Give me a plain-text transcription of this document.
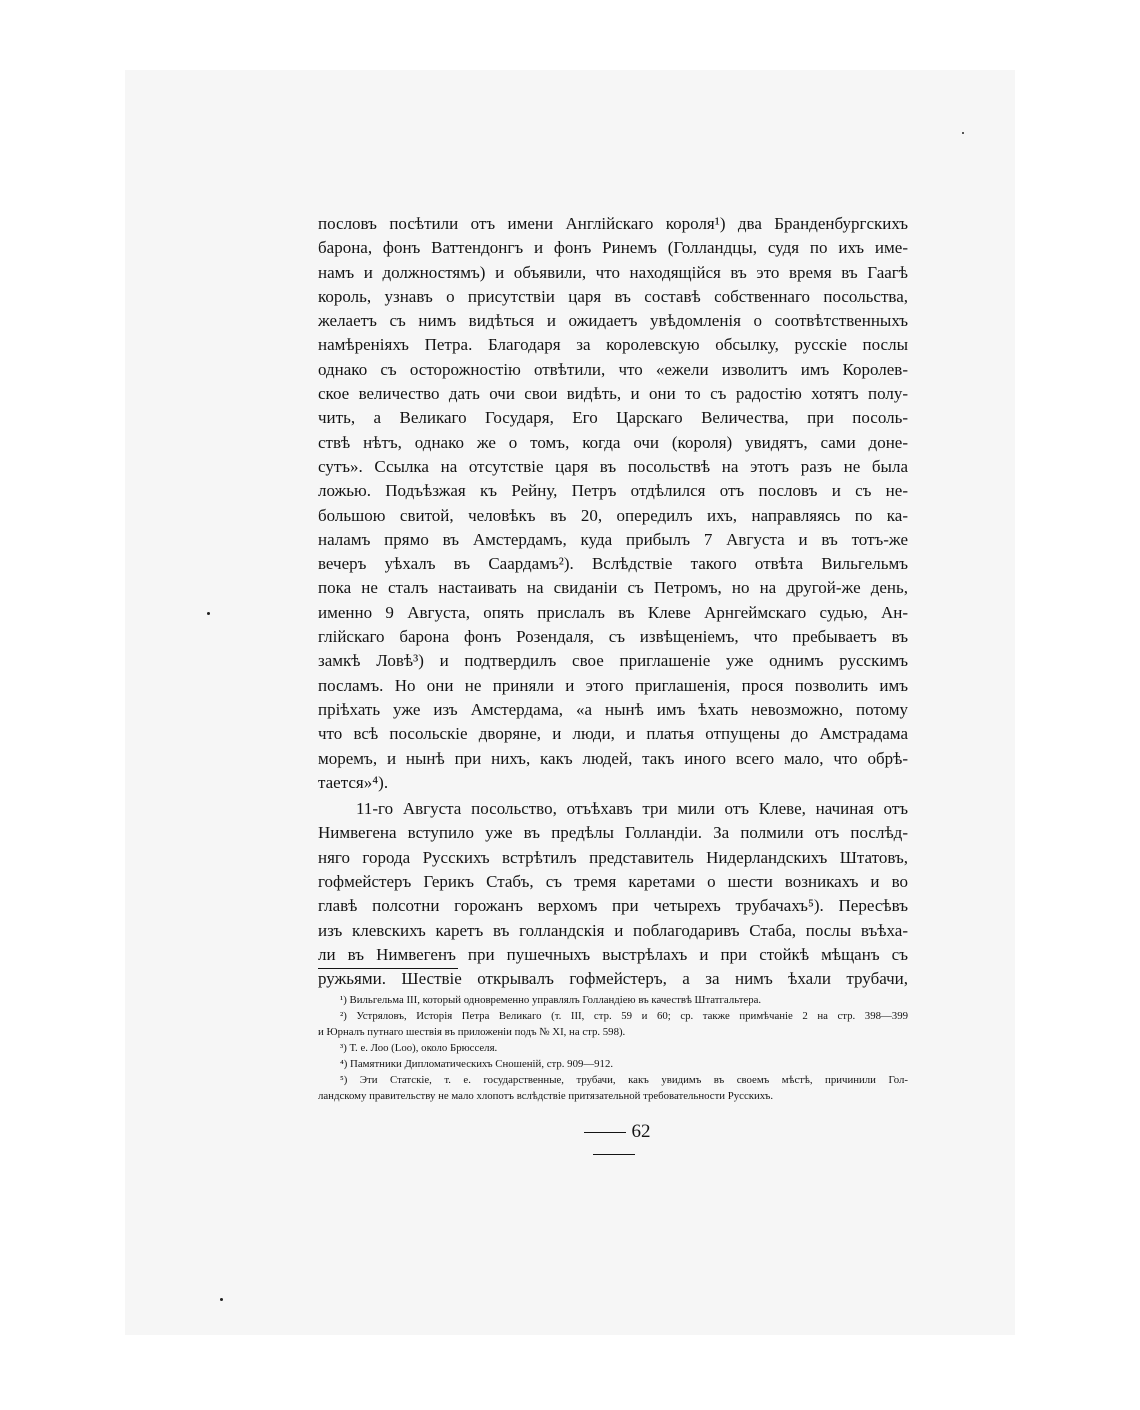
пословъ посѣтили отъ имени Англійскаго короля¹) два Бранденбургскихъ
барона, фонъ Ваттендонгъ и фонъ Ринемъ (Голландцы, судя по ихъ име-
намъ и должностямъ) и объявили, что находящійся въ это время въ Гаагѣ
король, узнавъ о присутствіи царя въ составѣ собственнаго посольства,
желаетъ съ нимъ видѣться и ожидаетъ увѣдомленія о соотвѣтственныхъ
намѣреніяхъ Петра. Благодаря за королевскую обсылку, русскіе послы
однако съ осторожностію отвѣтили, что «ежели изволитъ имъ Королев-
ское величество дать очи свои видѣть, и они то съ радостію хотятъ полу-
чить, а Великаго Государя, Его Царскаго Величества, при посоль-
ствѣ нѣтъ, однако же о томъ, когда очи (короля) увидятъ, сами доне-
сутъ». Ссылка на отсутствіе царя въ посольствѣ на этотъ разъ не была
ложью. Подъѣзжая къ Рейну, Петръ отдѣлился отъ пословъ и съ не-
большою свитой, человѣкъ въ 20, опередилъ ихъ, направляясь по ка-
наламъ прямо въ Амстердамъ, куда прибылъ 7 Августа и въ тотъ-же
вечеръ уѣхалъ въ Саардамъ²). Вслѣдствіе такого отвѣта Вильгельмъ
пока не сталъ настаивать на свиданіи съ Петромъ, но на другой-же день,
именно 9 Августа, опять прислалъ въ Клеве Арнгеймскаго судью, Ан-
глійскаго барона фонъ Розендаля, съ извѣщеніемъ, что пребываетъ въ
замкѣ Ловѣ³) и подтвердилъ свое приглашеніе уже однимъ русскимъ
посламъ. Но они не приняли и этого приглашенія, прося позволить имъ
пріѣхать уже изъ Амстердама, «а нынѣ имъ ѣхать невозможно, потому
что всѣ посольскіе дворяне, и люди, и платья отпущены до Амстрадама
моремъ, и нынѣ при нихъ, какъ людей, такъ иного всего мало, что обрѣ-
тается»⁴).

11-го Августа посольство, отъѣхавъ три мили отъ Клеве, начиная отъ
Нимвегена вступило уже въ предѣлы Голландіи. За полмили отъ послѣд-
няго города Русскихъ встрѣтилъ представитель Нидерландскихъ Штатовъ,
гофмейстеръ Герикъ Стабъ, съ тремя каретами о шести возникахъ и во
главѣ полсотни горожанъ верхомъ при четырехъ трубачахъ⁵). Пересѣвъ
изъ клевскихъ каретъ въ голландскія и поблагодаривъ Стаба, послы въѣха-
ли въ Нимвегенъ при пушечныхъ выстрѣлахъ и при стойкѣ мѣщанъ съ
ружьями. Шествіе открывалъ гофмейстеръ, а за нимъ ѣхали трубачи,

¹) Вильгельма III, который одновременно управлялъ Голландіею въ качествѣ Штатгальтера.
²) Устряловъ, Исторія Петра Великаго (т. III, стр. 59 и 60; ср. также примѣчаніе 2 на стр. 398—399
и Юрналъ путнаго шествія въ приложеніи подъ № XI, на стр. 598).
³) Т. е. Лоо (Loo), около Брюсселя.
⁴) Памятники Дипломатическихъ Сношеній, стр. 909—912.
⁵) Эти Статскіе, т. е. государственные, трубачи, какъ увидимъ въ своемъ мѣстѣ, причинили Гол-
ландскому правительству не мало хлопотъ вслѣдствіе притязательной требовательности Русскихъ.
62
